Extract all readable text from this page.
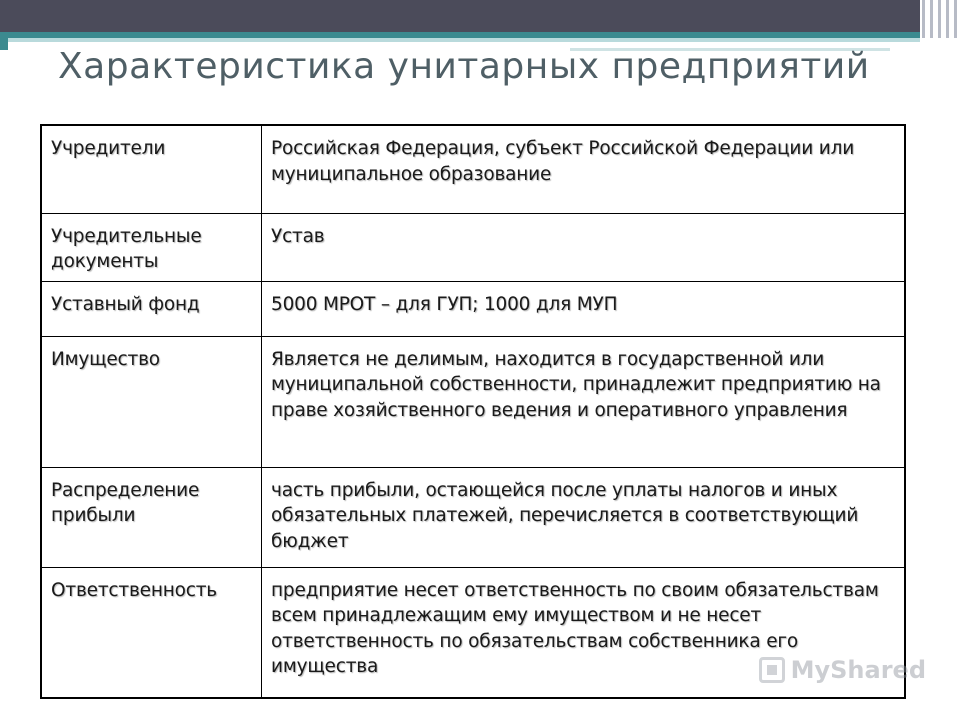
Характеристика унитарных предприятий
Учредители	Российская Федерация, субъект Российской Федерации или муниципальное образование
Учредительные документы	Устав
Уставный фонд	5000 МРОТ – для ГУП; 1000 для МУП
Имущество	Является не делимым, находится в государственной или муниципальной собственности, принадлежит предприятию на праве хозяйственного ведения и оперативного управления
Распределение прибыли	часть прибыли, остающейся после уплаты налогов и иных обязательных платежей, перечисляется в соответствующий бюджет
Ответственность	предприятие несет ответственность по своим обязательствам всем принадлежащим ему имуществом и не несет ответственность по обязательствам собственника его имущества	MyShared
